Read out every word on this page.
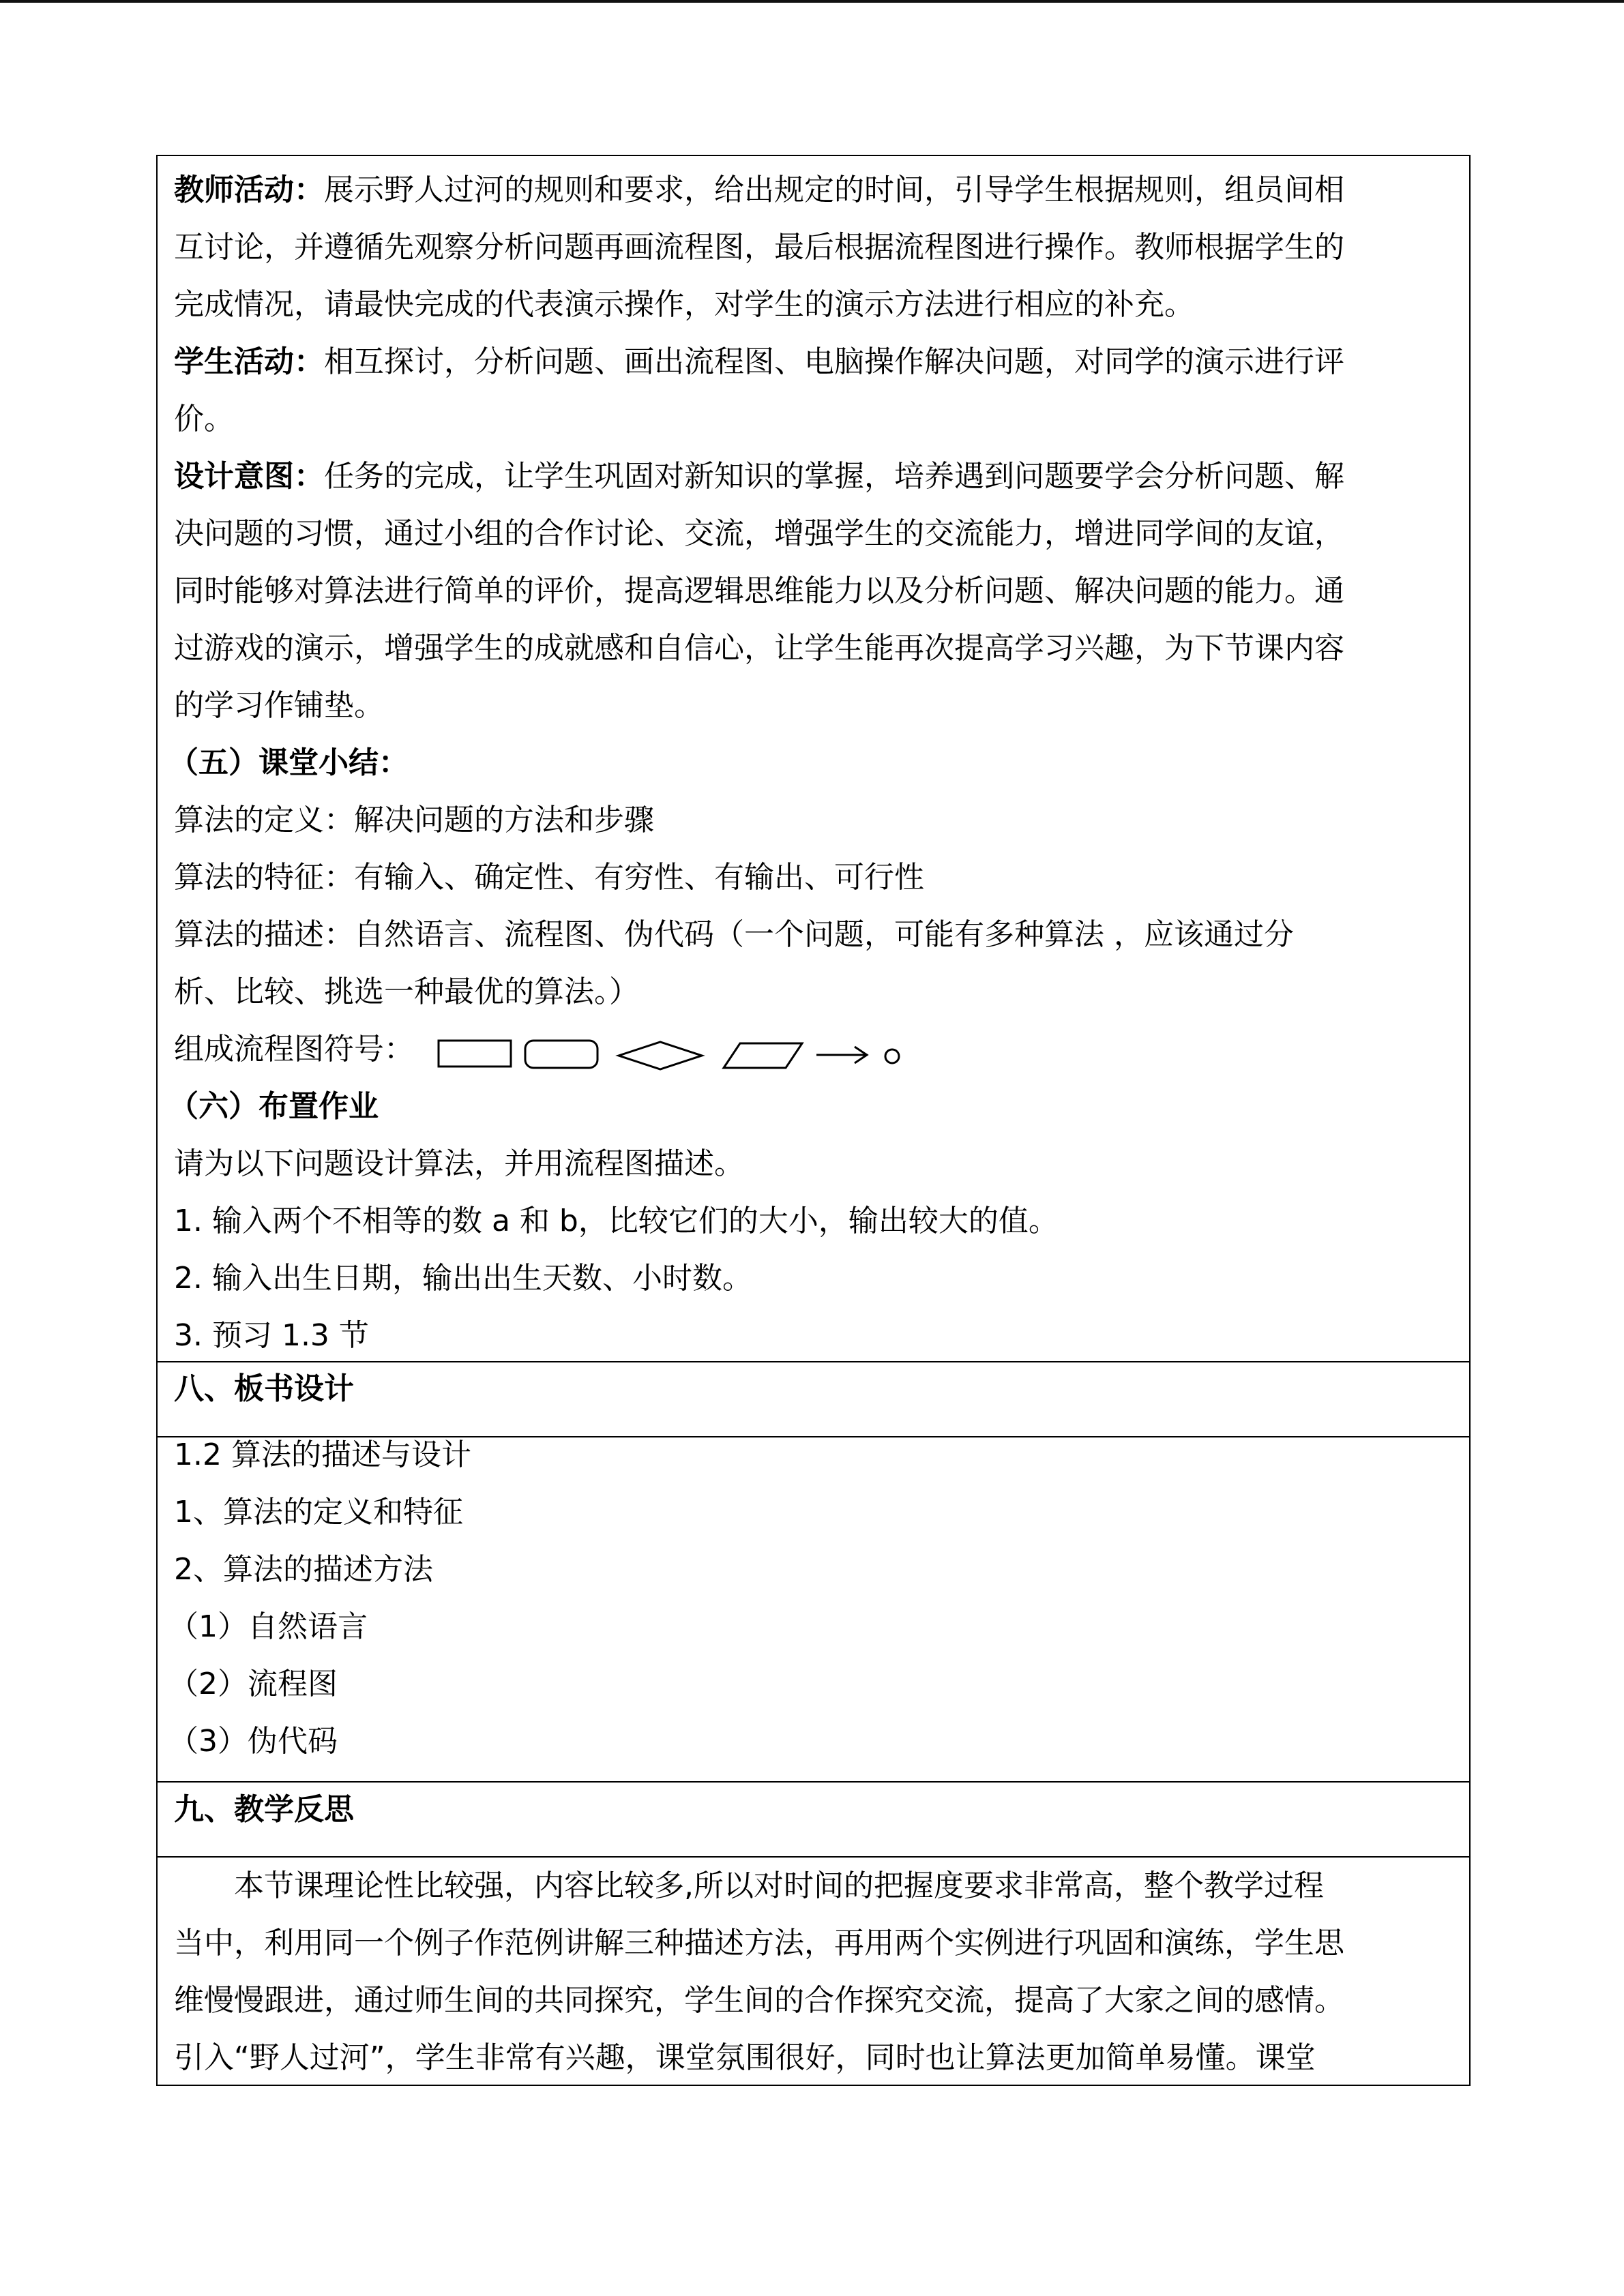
教师活动：展示野人过河的规则和要求，给出规定的时间，引导学生根据规则，组员间相
互讨论，并遵循先观察分析问题再画流程图，最后根据流程图进行操作。教师根据学生的
完成情况，请最快完成的代表演示操作，对学生的演示方法进行相应的补充。
学生活动：相互探讨，分析问题、画出流程图、电脑操作解决问题，对同学的演示进行评
价。
设计意图：任务的完成，让学生巩固对新知识的掌握，培养遇到问题要学会分析问题、解
决问题的习惯，通过小组的合作讨论、交流，增强学生的交流能力，增进同学间的友谊，
同时能够对算法进行简单的评价，提高逻辑思维能力以及分析问题、解决问题的能力。通
过游戏的演示，增强学生的成就感和自信心，让学生能再次提高学习兴趣，为下节课内容
的学习作铺垫。
（五）课堂小结：
算法的定义：解决问题的方法和步骤
算法的特征：有输入、确定性、有穷性、有输出、可行性
算法的描述：自然语言、流程图、伪代码（一个问题，可能有多种算法 ，应该通过分
析、比较、挑选一种最优的算法。）
组成流程图符号：
（六）布置作业
请为以下问题设计算法，并用流程图描述。
1. 输入两个不相等的数 a 和 b，比较它们的大小，输出较大的值。
2. 输入出生日期，输出出生天数、小时数。
3. 预习 1.3 节
八、板书设计
1.2 算法的描述与设计
1、算法的定义和特征
2、算法的描述方法
（1）自然语言
（2）流程图
（3）伪代码
九、教学反思
本节课理论性比较强，内容比较多,所以对时间的把握度要求非常高，整个教学过程
当中，利用同一个例子作范例讲解三种描述方法，再用两个实例进行巩固和演练，学生思
维慢慢跟进，通过师生间的共同探究，学生间的合作探究交流，提高了大家之间的感情。
引入“野人过河”，学生非常有兴趣，课堂氛围很好，同时也让算法更加简单易懂。课堂
